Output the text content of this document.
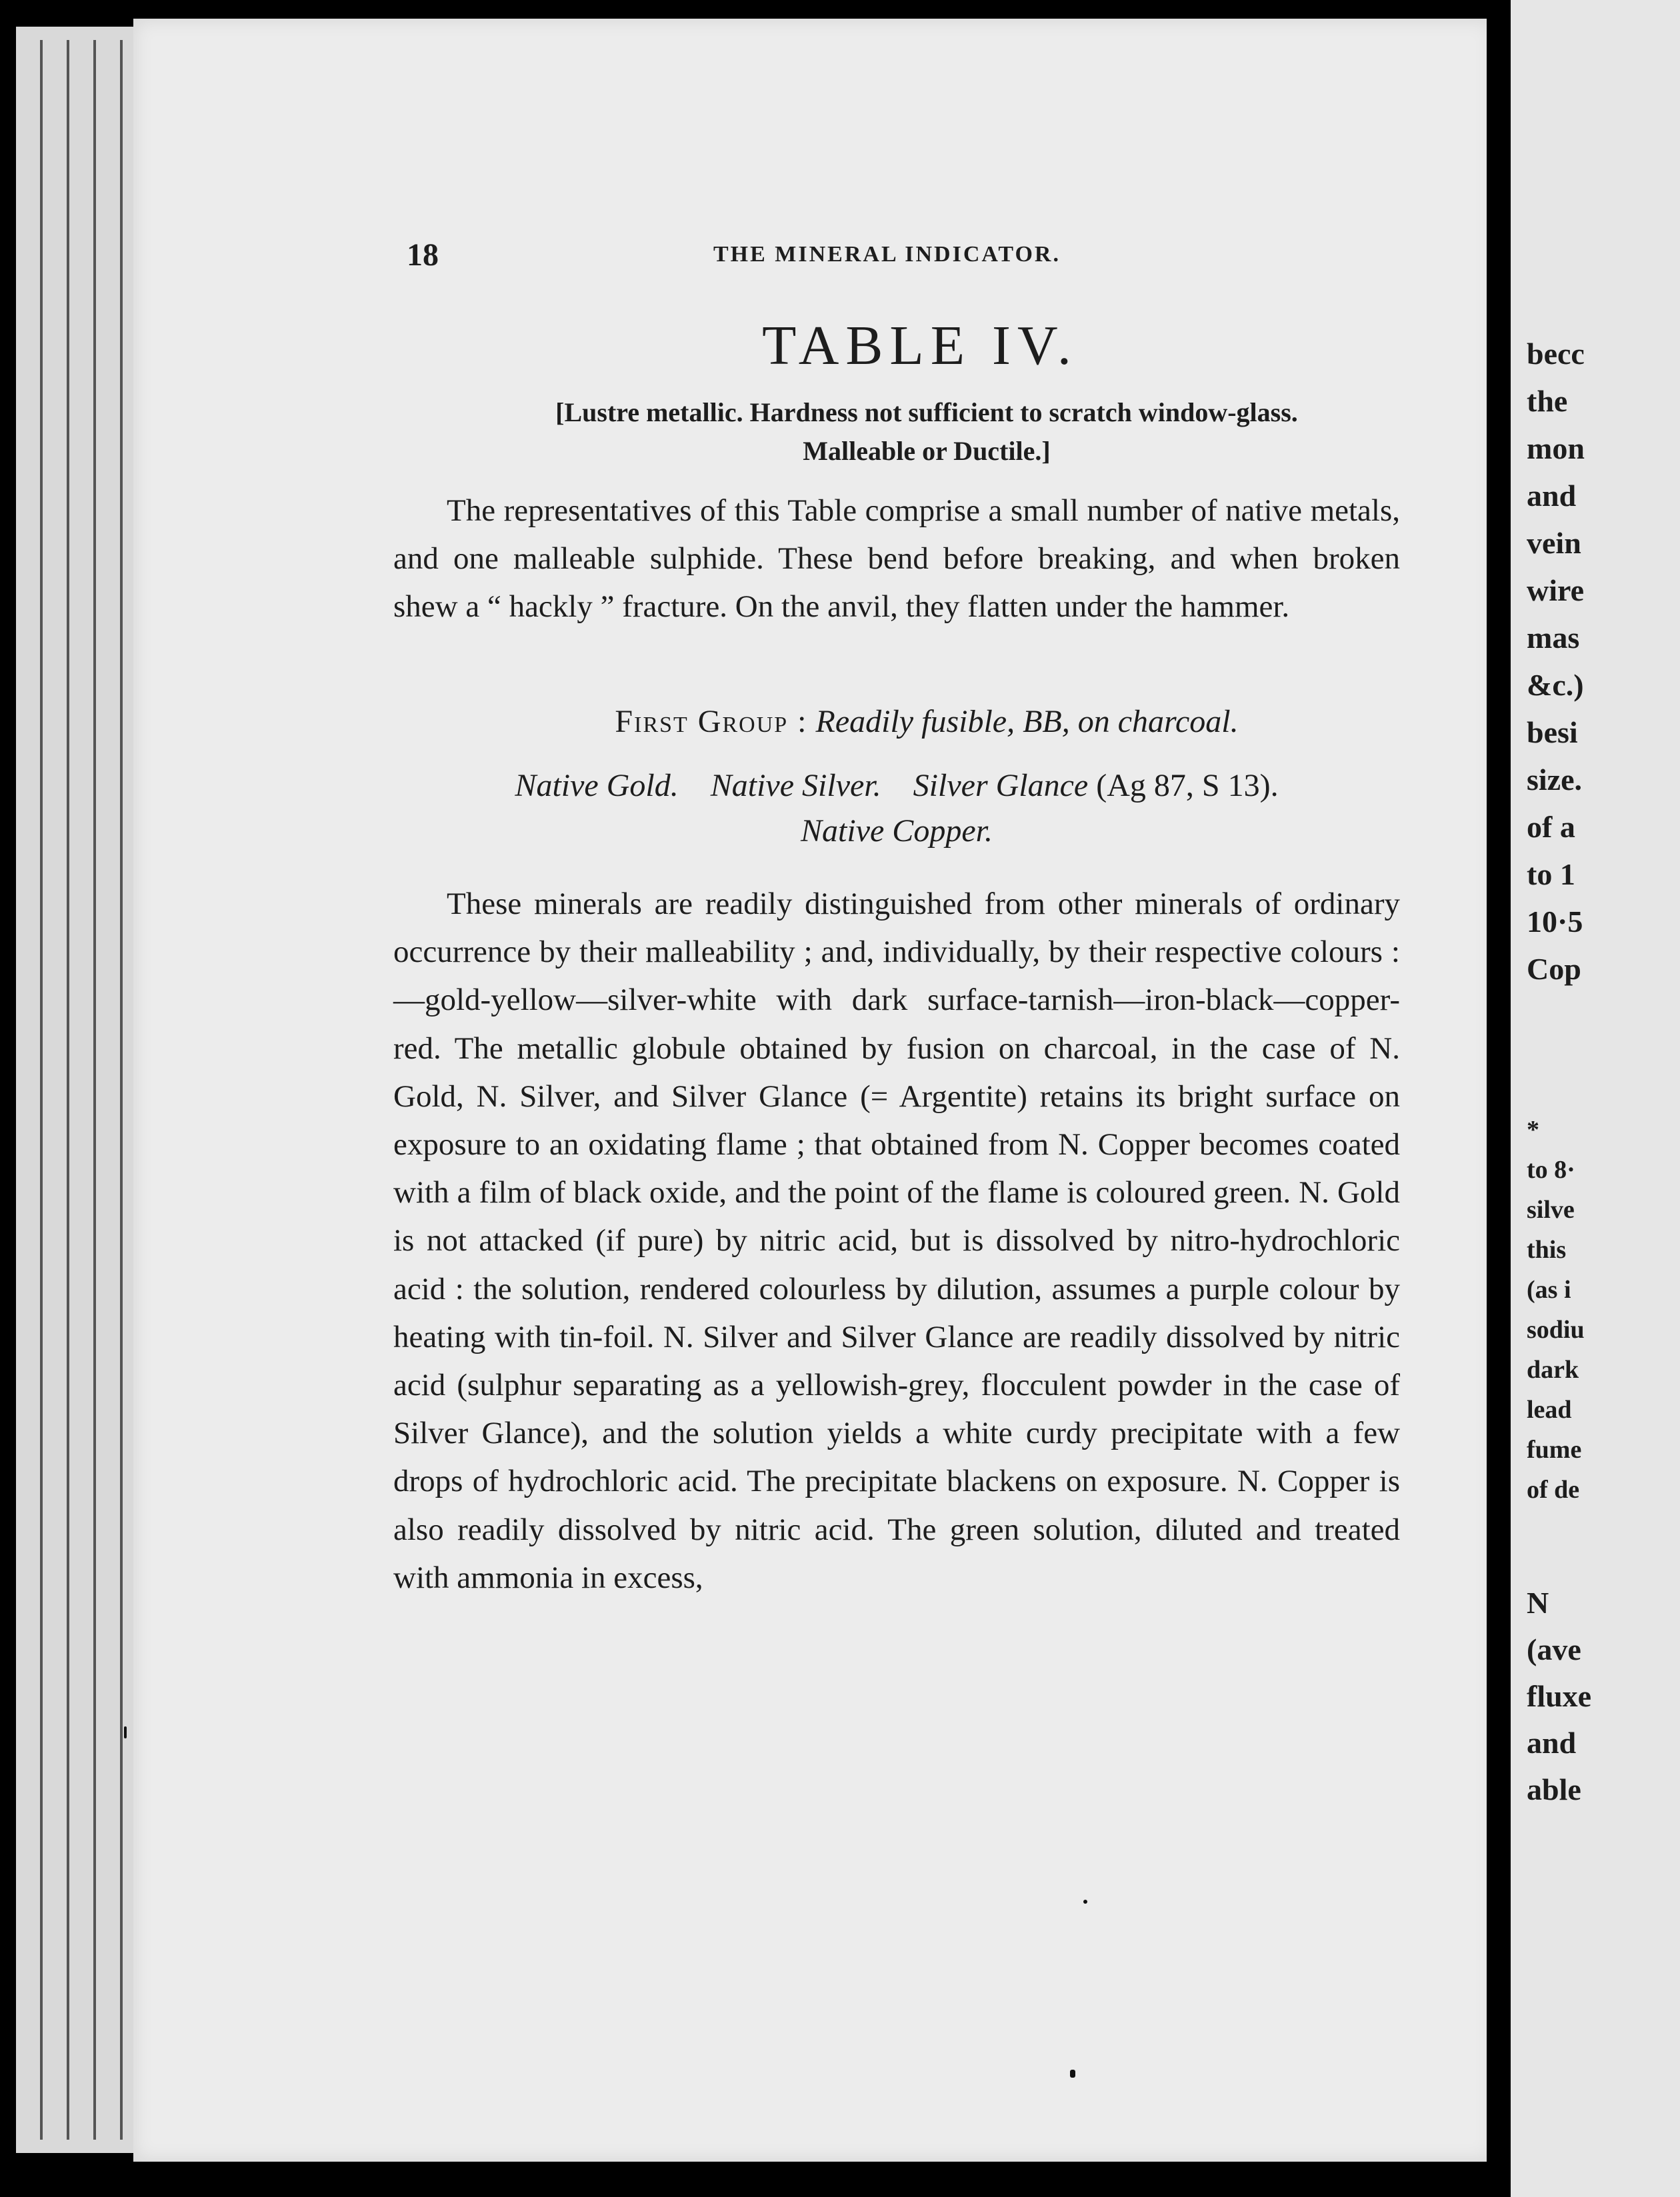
18	THE MINERAL INDICATOR.
TABLE IV.
[Lustre metallic. Hardness not sufficient to scratch window-glass.
Malleable or Ductile.]
The representatives of this Table comprise a small number of native metals, and one malleable sulphide. These bend before breaking, and when broken shew a “ hackly ” fracture. On the anvil, they flatten under the hammer.
First Group : Readily fusible, BB, on charcoal.
Native Gold. Native Silver. Silver Glance (Ag 87, S 13).
Native Copper.
These minerals are readily distinguished from other minerals of ordinary occurrence by their malleability ; and, individually, by their respective colours :—gold-yellow—silver-white with dark surface-tarnish—iron-black—copper-red. The metallic globule obtained by fusion on charcoal, in the case of N. Gold, N. Silver, and Silver Glance (= Argentite) retains its bright surface on exposure to an oxidating flame ; that obtained from N. Copper becomes coated with a film of black oxide, and the point of the flame is coloured green. N. Gold is not attacked (if pure) by nitric acid, but is dissolved by nitro-hydrochloric acid : the solution, rendered colourless by dilution, assumes a purple colour by heating with tin-foil. N. Silver and Silver Glance are readily dissolved by nitric acid (sulphur separating as a yellowish-grey, flocculent powder in the case of Silver Glance), and the solution yields a white curdy precipitate with a few drops of hydrochloric acid. The precipitate blackens on exposure. N. Copper is also readily dissolved by nitric acid. The green solution, diluted and treated with ammonia in excess,
becc
the
mon
and
vein
wire
mas
&c.)
besi
size.
of a
to 1
10·5
Cop
*
to 8·
silve
this
(as i
sodiu
dark
lead
fume
of de
N
(ave
fluxe
and
able
